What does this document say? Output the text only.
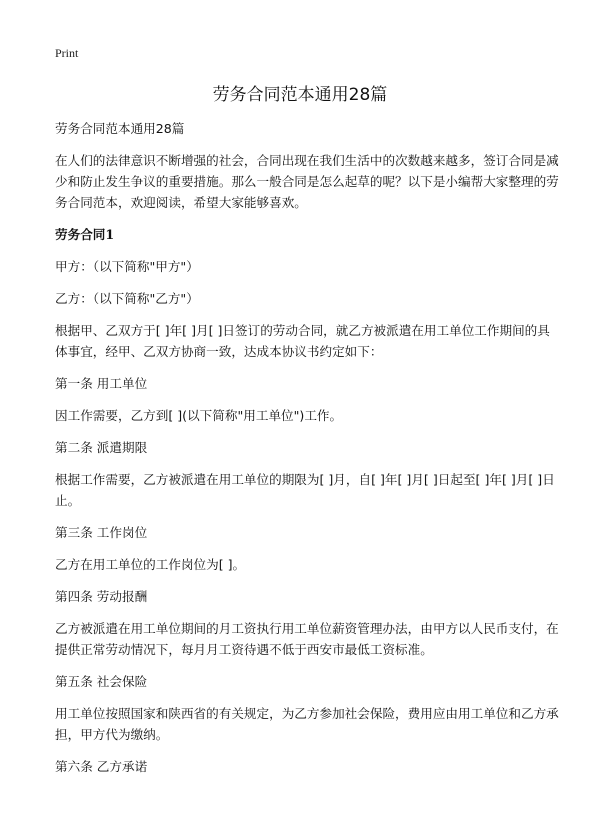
Print
劳务合同范本通用28篇

劳务合同范本通用28篇

在人们的法律意识不断增强的社会，合同出现在我们生活中的次数越来越多，签订合同是减少和防止发生争议的重要措施。那么一般合同是怎么起草的呢？以下是小编帮大家整理的劳务合同范本，欢迎阅读，希望大家能够喜欢。

劳务合同1

甲方：（以下简称"甲方"）

乙方：（以下简称"乙方"）

根据甲、乙双方于[ ]年[ ]月[ ]日签订的劳动合同，就乙方被派遣在用工单位工作期间的具体事宜，经甲、乙双方协商一致，达成本协议书约定如下：

第一条 用工单位

因工作需要，乙方到[ ](以下简称"用工单位")工作。

第二条 派遣期限

根据工作需要，乙方被派遣在用工单位的期限为[ ]月，自[ ]年[ ]月[ ]日起至[ ]年[ ]月[ ]日止。

第三条 工作岗位

乙方在用工单位的工作岗位为[ ]。

第四条 劳动报酬

乙方被派遣在用工单位期间的月工资执行用工单位薪资管理办法，由甲方以人民币支付，在提供正常劳动情况下，每月月工资待遇不低于西安市最低工资标准。

第五条 社会保险

用工单位按照国家和陕西省的有关规定，为乙方参加社会保险，费用应由用工单位和乙方承担，甲方代为缴纳。

第六条 乙方承诺
